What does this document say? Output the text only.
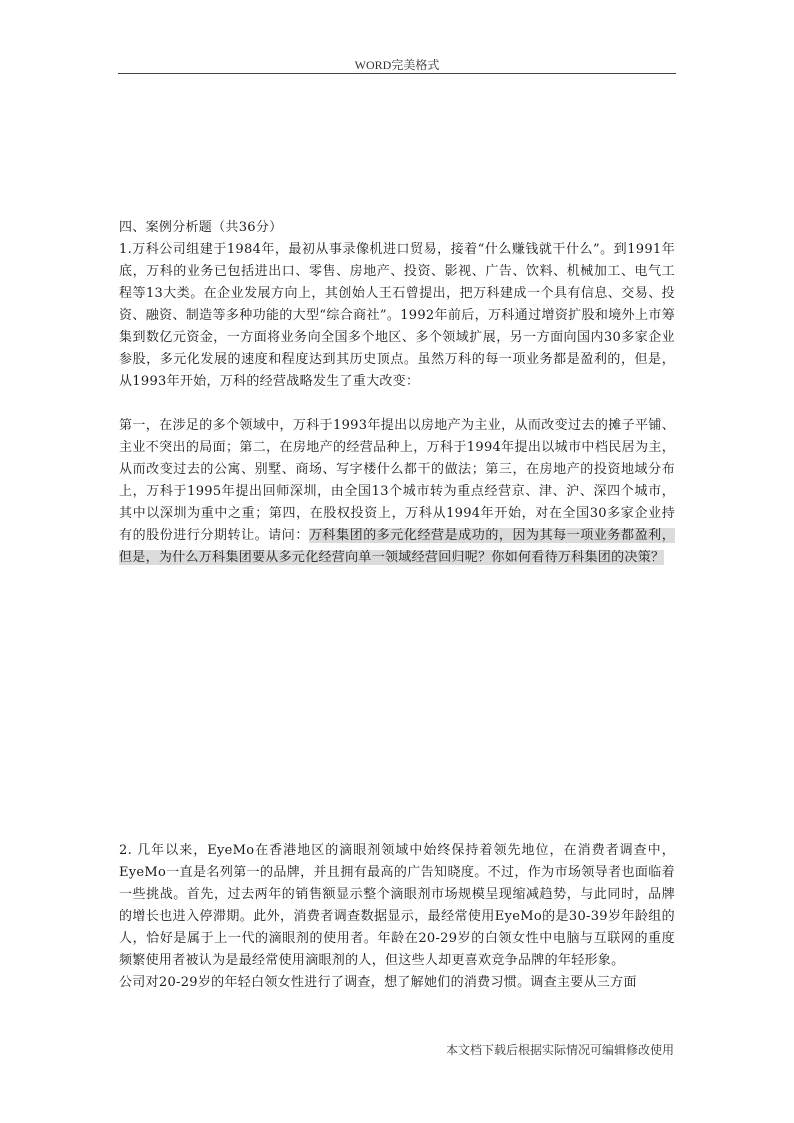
WORD完美格式

四、案例分析题（共36分）

1.万科公司组建于1984年，最初从事录像机进口贸易，接着“什么赚钱就干什么”。到1991年底，万科的业务已包括进出口、零售、房地产、投资、影视、广告、饮料、机械加工、电气工程等13大类。在企业发展方向上，其创始人王石曾提出，把万科建成一个具有信息、交易、投资、融资、制造等多种功能的大型“综合商社”。1992年前后，万科通过增资扩股和境外上市筹集到数亿元资金，一方面将业务向全国多个地区、多个领域扩展，另一方面向国内30多家企业参股，多元化发展的速度和程度达到其历史顶点。虽然万科的每一项业务都是盈利的，但是，从1993年开始，万科的经营战略发生了重大改变：

第一，在涉足的多个领域中，万科于1993年提出以房地产为主业，从而改变过去的摊子平铺、主业不突出的局面；第二，在房地产的经营品种上，万科于1994年提出以城市中档民居为主，从而改变过去的公寓、别墅、商场、写字楼什么都干的做法；第三，在房地产的投资地域分布上，万科于1995年提出回师深圳，由全国13个城市转为重点经营京、津、沪、深四个城市，其中以深圳为重中之重；第四，在股权投资上，万科从1994年开始，对在全国30多家企业持有的股份进行分期转让。请问：万科集团的多元化经营是成功的，因为其每一项业务都盈利，但是，为什么万科集团要从多元化经营向单一领域经营回归呢？你如何看待万科集团的决策？

2. 几年以来，EyeMo在香港地区的滴眼剂领域中始终保持着领先地位，在消费者调查中，EyeMo一直是名列第一的品牌，并且拥有最高的广告知晓度。不过，作为市场领导者也面临着一些挑战。首先，过去两年的销售额显示整个滴眼剂市场规模呈现缩减趋势，与此同时，品牌的增长也进入停滞期。此外，消费者调查数据显示，最经常使用EyeMo的是30-39岁年龄组的人，恰好是属于上一代的滴眼剂的使用者。年龄在20-29岁的白领女性中电脑与互联网的重度频繁使用者被认为是最经常使用滴眼剂的人，但这些人却更喜欢竞争品牌的年轻形象。

公司对20-29岁的年轻白领女性进行了调查，想了解她们的消费习惯。调查主要从三方面

本文档下载后根据实际情况可编辑修改使用
